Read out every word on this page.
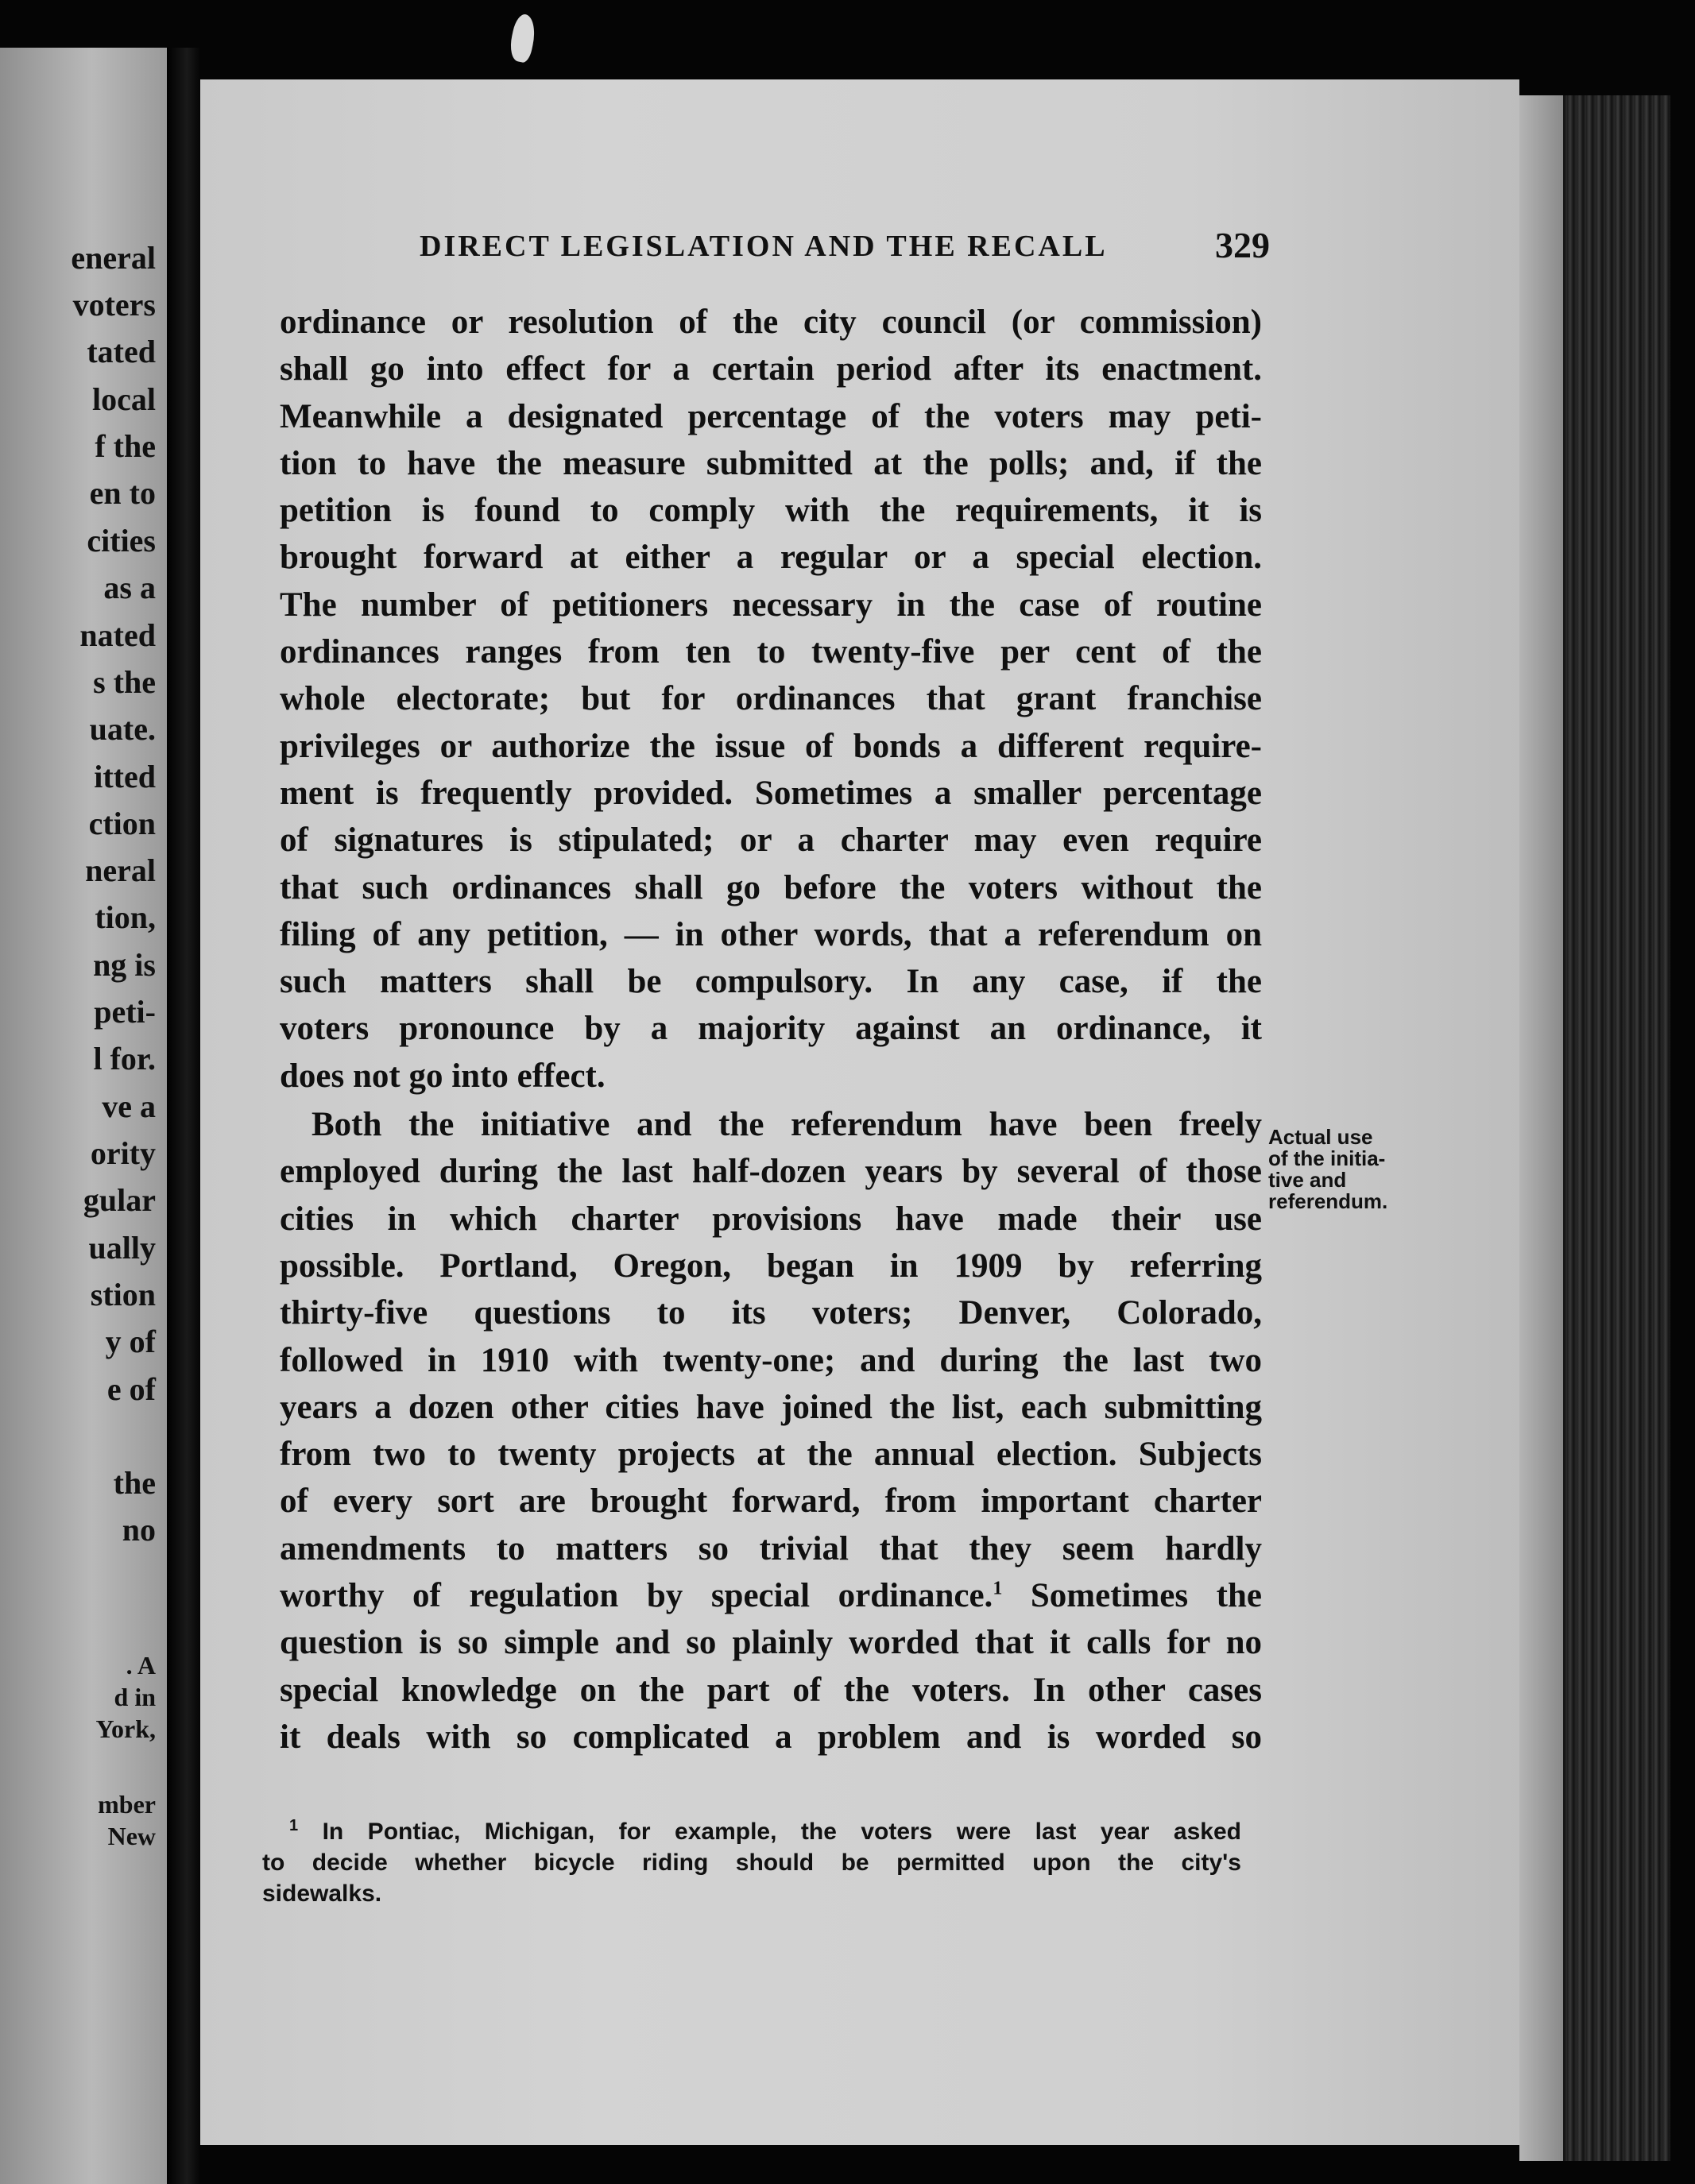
eneral
voters
tated
local
f the
en to
cities
as a
nated
s the
uate.
itted
ction
neral
tion,
ng is
peti-
l for.
ve a
ority
gular
ually
stion
y of
e of
the
no
. A
d in
York,
mber
New
DIRECT LEGISLATION AND THE RECALL	329
ordinance or resolution of the city council (or commission)
shall go into effect for a certain period after its enactment.
Meanwhile a designated percentage of the voters may peti-
tion to have the measure submitted at the polls; and, if the
petition is found to comply with the requirements, it is
brought forward at either a regular or a special election.
The number of petitioners necessary in the case of routine
ordinances ranges from ten to twenty-five per cent of the
whole electorate; but for ordinances that grant franchise
privileges or authorize the issue of bonds a different require-
ment is frequently provided. Sometimes a smaller percentage
of signatures is stipulated; or a charter may even require
that such ordinances shall go before the voters without the
filing of any petition, — in other words, that a referendum on
such matters shall be compulsory. In any case, if the
voters pronounce by a majority against an ordinance, it
does not go into effect.
Both the initiative and the referendum have been freely
employed during the last half-dozen years by several of those
cities in which charter provisions have made their use
possible. Portland, Oregon, began in 1909 by referring
thirty-five questions to its voters; Denver, Colorado,
followed in 1910 with twenty-one; and during the last two
years a dozen other cities have joined the list, each submitting
from two to twenty projects at the annual election. Subjects
of every sort are brought forward, from important charter
amendments to matters so trivial that they seem hardly
worthy of regulation by special ordinance.$^1$ Sometimes the
question is so simple and so plainly worded that it calls for no
special knowledge on the part of the voters. In other cases
it deals with so complicated a problem and is worded so
Actual use
of the initia-
tive and
referendum.
$^1$ In Pontiac, Michigan, for example, the voters were last year asked
to decide whether bicycle riding should be permitted upon the city's
sidewalks.
